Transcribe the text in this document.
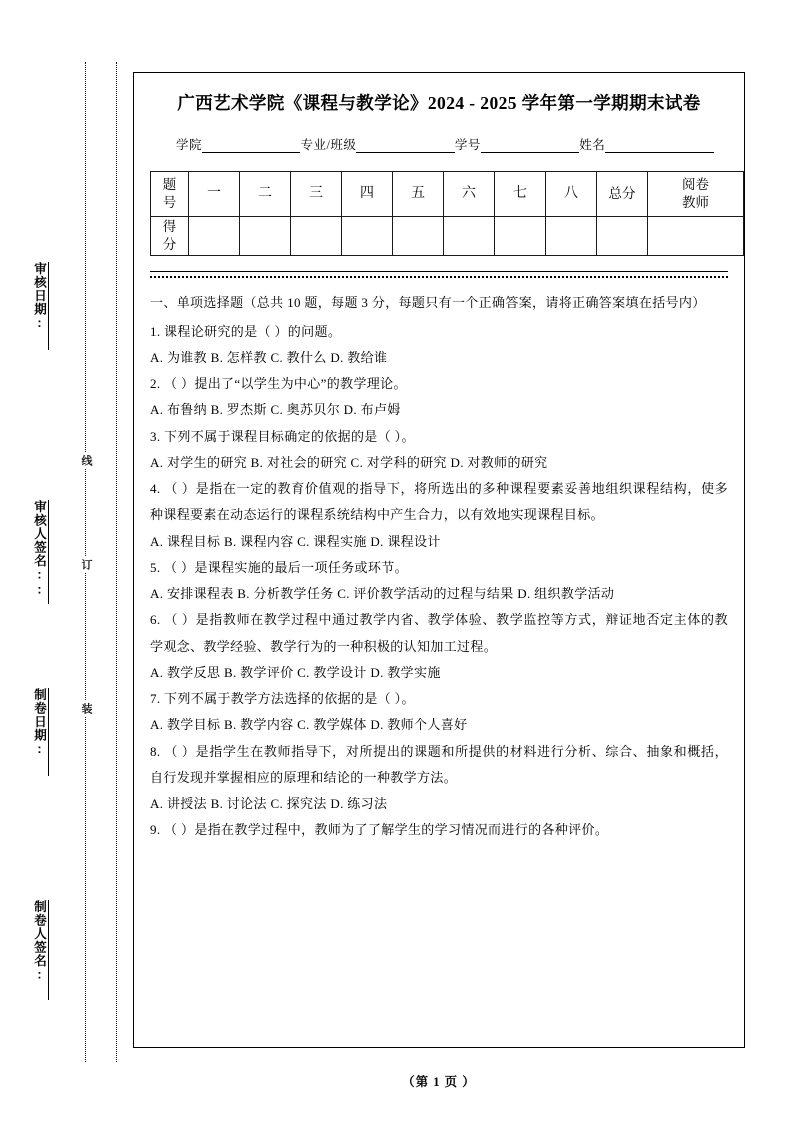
审核日期:
审核人签名::
制卷日期:
制卷人签名:
线
订
装
广西艺术学院《课程与教学论》2024 - 2025 学年第一学期期末试卷
学院	专业/班级	学号	姓名
题
号	一	二	三	四	五	六	七	八	总分	阅卷
教师

得
分										

一、单项选择题（总共 10 题，每题 3 分，每题只有一个正确答案，请将正确答案填在括号内）

1. 课程论研究的是（ ）的问题。

A. 为谁教 B. 怎样教 C. 教什么 D. 教给谁

2. （ ）提出了“以学生为中心”的教学理论。

A. 布鲁纳 B. 罗杰斯 C. 奥苏贝尔 D. 布卢姆

3. 下列不属于课程目标确定的依据的是（ ）。

A. 对学生的研究 B. 对社会的研究 C. 对学科的研究 D. 对教师的研究

4. （ ）是指在一定的教育价值观的指导下，将所选出的多种课程要素妥善地组织课程结构，使多种课程要素在动态运行的课程系统结构中产生合力，以有效地实现课程目标。

A. 课程目标 B. 课程内容 C. 课程实施 D. 课程设计

5. （ ）是课程实施的最后一项任务或环节。

A. 安排课程表 B. 分析教学任务 C. 评价教学活动的过程与结果 D. 组织教学活动

6. （ ）是指教师在教学过程中通过教学内省、教学体验、教学监控等方式，辩证地否定主体的教学观念、教学经验、教学行为的一种积极的认知加工过程。

A. 教学反思 B. 教学评价 C. 教学设计 D. 教学实施

7. 下列不属于教学方法选择的依据的是（ ）。

A. 教学目标 B. 教学内容 C. 教学媒体 D. 教师个人喜好

8. （ ）是指学生在教师指导下，对所提出的课题和所提供的材料进行分析、综合、抽象和概括，自行发现并掌握相应的原理和结论的一种教学方法。

A. 讲授法 B. 讨论法 C. 探究法 D. 练习法

9. （ ）是指在教学过程中，教师为了了解学生的学习情况而进行的各种评价。

（第 1 页 ）
